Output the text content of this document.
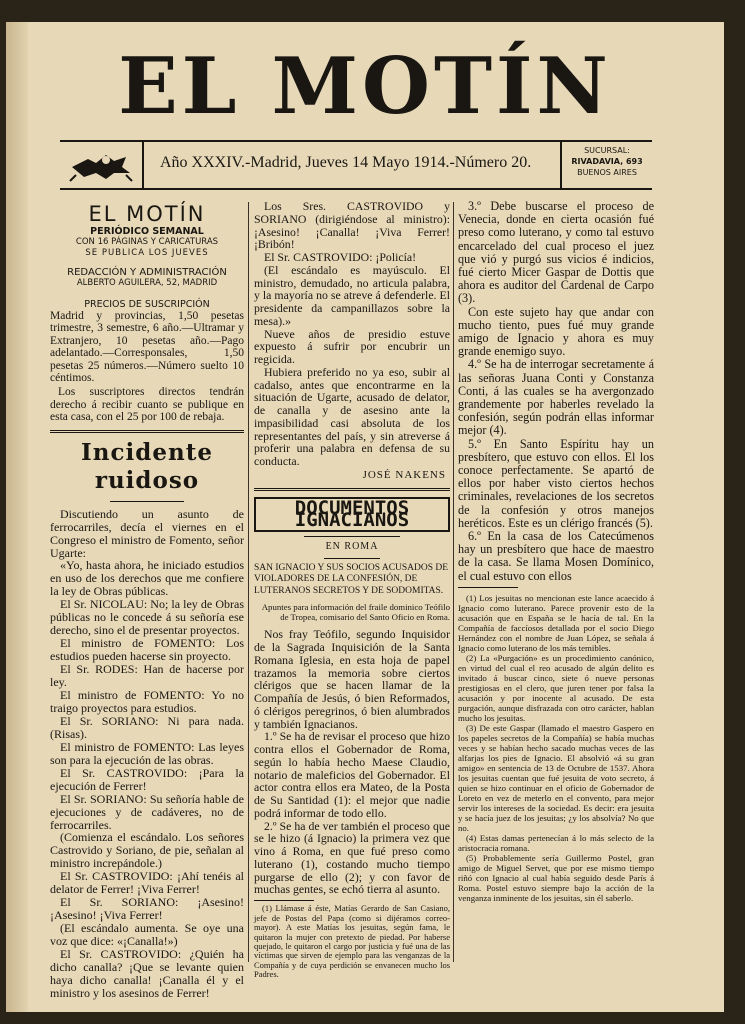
EL MOTÍN
Año XXXIV.-Madrid, Jueves 14 Mayo 1914.-Número 20.
SUCURSAL:
RIVADAVIA, 693
BUENOS AIRES
EL MOTÍN
PERIÓDICO SEMANAL
CON 16 PÁGINAS Y CARICATURAS
SE PUBLICA LOS JUEVES
REDACCIÓN Y ADMINISTRACIÓN
ALBERTO AGUILERA, 52, MADRID
PRECIOS DE SUSCRIPCIÓN

Madrid y provincias, 1,50 pesetas trimestre, 3 semestre, 6 año.—Ultramar y Extranjero, 10 pesetas año.—Pago adelantado.—Corresponsales, 1,50 pesetas 25 números.—Número suelto 10 céntimos.

Los suscriptores directos tendrán derecho á recibir cuanto se publique en esta casa, con el 25 por 100 de rebaja.

Incidente ruidoso

Discutiendo un asunto de ferrocarriles, decía el viernes en el Congreso el ministro de Fomento, señor Ugarte:

«Yo, hasta ahora, he iniciado estudios en uso de los derechos que me confiere la ley de Obras públicas.

El Sr. NICOLAU: No; la ley de Obras públicas no le concede á su señoría ese derecho, sino el de presentar proyectos.

El ministro de FOMENTO: Los estudios pueden hacerse sin proyecto.

El Sr. RODES: Han de hacerse por ley.

El ministro de FOMENTO: Yo no traigo proyectos para estudios.

El Sr. SORIANO: Ni para nada. (Risas).

El ministro de FOMENTO: Las leyes son para la ejecución de las obras.

El Sr. CASTROVIDO: ¡Para la ejecución de Ferrer!

El Sr. SORIANO: Su señoría hable de ejecuciones y de cadáveres, no de ferrocarriles.

(Comienza el escándalo. Los señores Castrovido y Soriano, de pie, señalan al ministro increpándole.)

El Sr. CASTROVIDO: ¡Ahí tenéis al delator de Ferrer! ¡Viva Ferrer!

El Sr. SORIANO: ¡Asesino! ¡Asesino! ¡Viva Ferrer!

(El escándalo aumenta. Se oye una voz que dice: «¡Canalla!»)

El Sr. CASTROVIDO: ¿Quién ha dicho canalla? ¡Que se levante quien haya dicho canalla! ¡Canalla él y el ministro y los asesinos de Ferrer!

Los Sres. CASTROVIDO y SORIANO (dirigiéndose al ministro): ¡Asesino! ¡Canalla! ¡Viva Ferrer! ¡Bribón!

El Sr. CASTROVIDO: ¡Policía!

(El escándalo es mayúsculo. El ministro, demudado, no articula palabra, y la mayoría no se atreve á defenderle. El presidente da campanillazos sobre la mesa).»

Nueve años de presidio estuve expuesto á sufrir por encubrir un regicida.

Hubiera preferido no ya eso, subir al cadalso, antes que encontrarme en la situación de Ugarte, acusado de delator, de canalla y de asesino ante la impasibilidad casi absoluta de los representantes del país, y sin atreverse á proferir una palabra en defensa de su conducta.

JOSÉ NAKENS
DOCUMENTOS IGNACIANOS
EN ROMA
SAN IGNACIO Y SUS SOCIOS ACUSADOS DE VIOLADORES DE LA CONFESIÓN, DE LUTERANOS SECRETOS Y DE SODOMITAS.
Apuntes para información del fraile dominico Teófilo de Tropea, comisario del Santo Oficio en Roma.

Nos fray Teófilo, segundo Inquisidor de la Sagrada Inquisición de la Santa Romana Iglesia, en esta hoja de papel trazamos la memoria sobre ciertos clérigos que se hacen llamar de la Compañía de Jesús, ó bien Reformados, ó clérigos peregrinos, ó bien alumbrados y también Ignacianos.

1.º Se ha de revisar el proceso que hizo contra ellos el Gobernador de Roma, según lo había hecho Maese Claudio, notario de maleficios del Gobernador. El actor contra ellos era Mateo, de la Posta de Su Santidad (1): el mejor que nadie podrá informar de todo ello.

2.º Se ha de ver también el proceso que se le hizo (á Ignacio) la primera vez que vino á Roma, en que fué preso como luterano (1), costando mucho tiempo purgarse de ello (2); y con favor de muchas gentes, se echó tierra al asunto.

(1) Llámase á éste, Matías Gerardo de San Casiano, jefe de Postas del Papa (como si dijéramos correo-mayor). A este Matías los jesuitas, según fama, le quitaron la mujer con pretexto de piedad. Por haberse quejado, le quitaron el cargo por justicia y fué una de las víctimas que sirven de ejemplo para las venganzas de la Compañía y de cuya perdición se envanecen mucho los Padres.

3.º Debe buscarse el proceso de Venecia, donde en cierta ocasión fué preso como luterano, y como tal estuvo encarcelado del cual proceso el juez que vió y purgó sus vicios é indicios, fué cierto Micer Gaspar de Dottis que ahora es auditor del Cardenal de Carpo (3).

Con este sujeto hay que andar con mucho tiento, pues fué muy grande amigo de Ignacio y ahora es muy grande enemigo suyo.

4.º Se ha de interrogar secretamente á las señoras Juana Conti y Constanza Conti, á las cuales se ha avergonzado grandemente por haberles revelado la confesión, según podrán ellas informar mejor (4).

5.º En Santo Espíritu hay un presbítero, que estuvo con ellos. El los conoce perfectamente. Se apartó de ellos por haber visto ciertos hechos criminales, revelaciones de los secretos de la confesión y otros manejos heréticos. Este es un clérigo francés (5).

6.º En la casa de los Catecúmenos hay un presbítero que hace de maestro de la casa. Se llama Mosen Domínico, el cual estuvo con ellos

(1) Los jesuitas no mencionan este lance acaecido á Ignacio como luterano. Parece provenir esto de la acusación que en España se le hacía de tal. En la Compañía de faccíosos detallada por el socio Diego Hernández con el nombre de Juan López, se señala á Ignacio como luterano de los más temibles.

(2) La «Purgación» es un procedimiento canónico, en virtud del cual el reo acusado de algún delito es invitado á buscar cinco, siete ó nueve personas prestigiosas en el clero, que juren tener por falsa la acusación y por inocente al acusado. De esta purgación, aunque disfrazada con otro carácter, hablan mucho los jesuitas.

(3) De este Gaspar (llamado el maestro Gaspero en los papeles secretos de la Compañía) se había muchas veces y se habían hecho sacado muchas veces de las alfarjas los pies de Ignacio. El absolvió «á su gran amigo» en sentencia de 13 de Octubre de 1537. Ahora los jesuitas cuentan que fué jesuita de voto secreto, á quien se hizo continuar en el oficio de Gobernador de Loreto en vez de meterlo en el convento, para mejor servir los intereses de la sociedad. Es decir: era jesuita y se hacía juez de los jesuitas; ¿y los absolvía? No que no.

(4) Estas damas pertenecían á lo más selecto de la aristocracia romana.

(5) Probablemente sería Guillermo Postel, gran amigo de Miguel Servet, que por ese mismo tiempo riñó con Ignacio al cual había seguido desde París á Roma. Postel estuvo siempre bajo la acción de la venganza inminente de los jesuitas, sin él saberlo.
